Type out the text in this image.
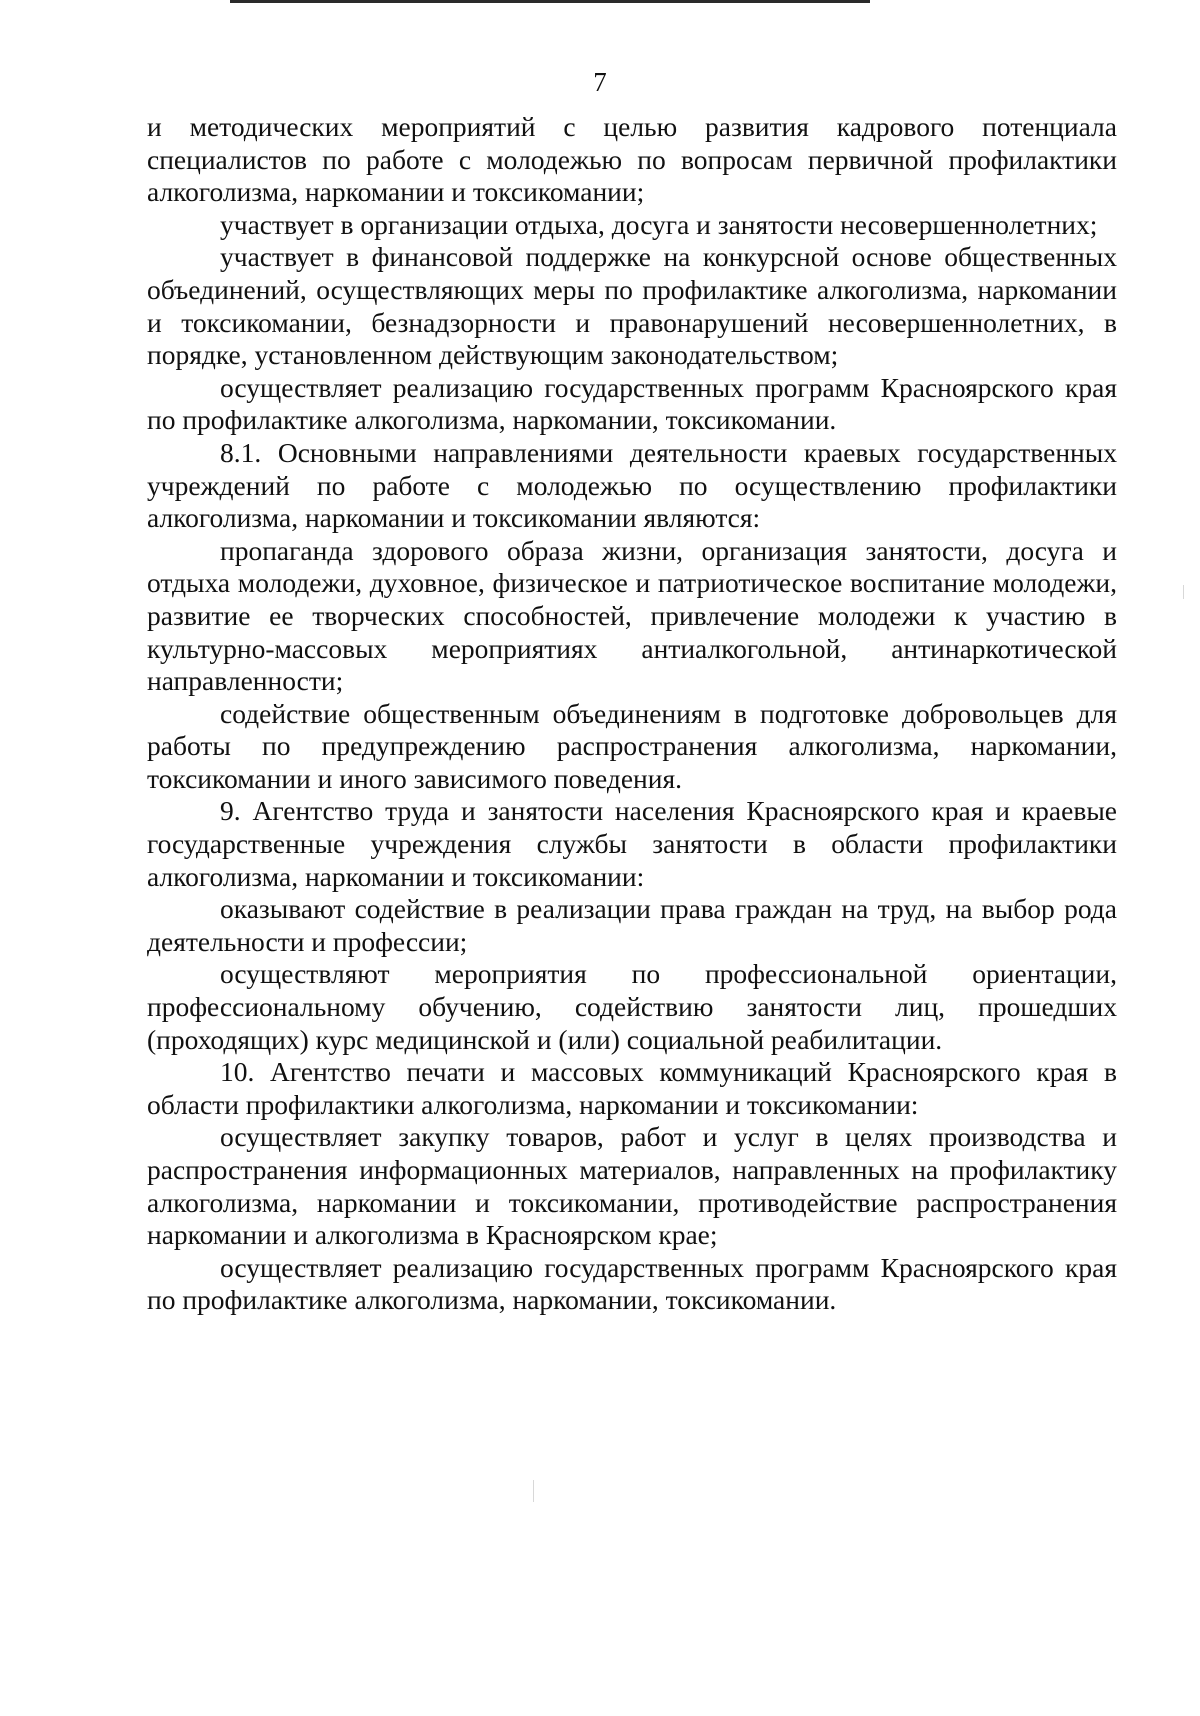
7

и методических мероприятий с целью развития кадрового потенциала специалистов по работе с молодежью по вопросам первичной профилактики алкоголизма, наркомании и токсикомании;

участвует в организации отдыха, досуга и занятости несовершеннолетних;

участвует в финансовой поддержке на конкурсной основе общественных объединений, осуществляющих меры по профилактике алкоголизма, наркомании и токсикомании, безнадзорности и правонарушений несовершеннолетних, в порядке, установленном действующим законодательством;

осуществляет реализацию государственных программ Красноярского края по профилактике алкоголизма, наркомании, токсикомании.

8.1. Основными направлениями деятельности краевых государственных учреждений по работе с молодежью по осуществлению профилактики алкоголизма, наркомании и токсикомании являются:

пропаганда здорового образа жизни, организация занятости, досуга и отдыха молодежи, духовное, физическое и патриотическое воспитание молодежи, развитие ее творческих способностей, привлечение молодежи к участию в культурно-массовых мероприятиях антиалкогольной, антинаркотической направленности;

содействие общественным объединениям в подготовке добровольцев для работы по предупреждению распространения алкоголизма, наркомании, токсикомании и иного зависимого поведения.

9. Агентство труда и занятости населения Красноярского края и краевые государственные учреждения службы занятости в области профилактики алкоголизма, наркомании и токсикомании:

оказывают содействие в реализации права граждан на труд, на выбор рода деятельности и профессии;

осуществляют мероприятия по профессиональной ориентации, профессиональному обучению, содействию занятости лиц, прошедших (проходящих) курс медицинской и (или) социальной реабилитации.

10. Агентство печати и массовых коммуникаций Красноярского края в области профилактики алкоголизма, наркомании и токсикомании:

осуществляет закупку товаров, работ и услуг в целях производства и распространения информационных материалов, направленных на профилактику алкоголизма, наркомании и токсикомании, противодействие распространения наркомании и алкоголизма в Красноярском крае;

осуществляет реализацию государственных программ Красноярского края по профилактике алкоголизма, наркомании, токсикомании.
